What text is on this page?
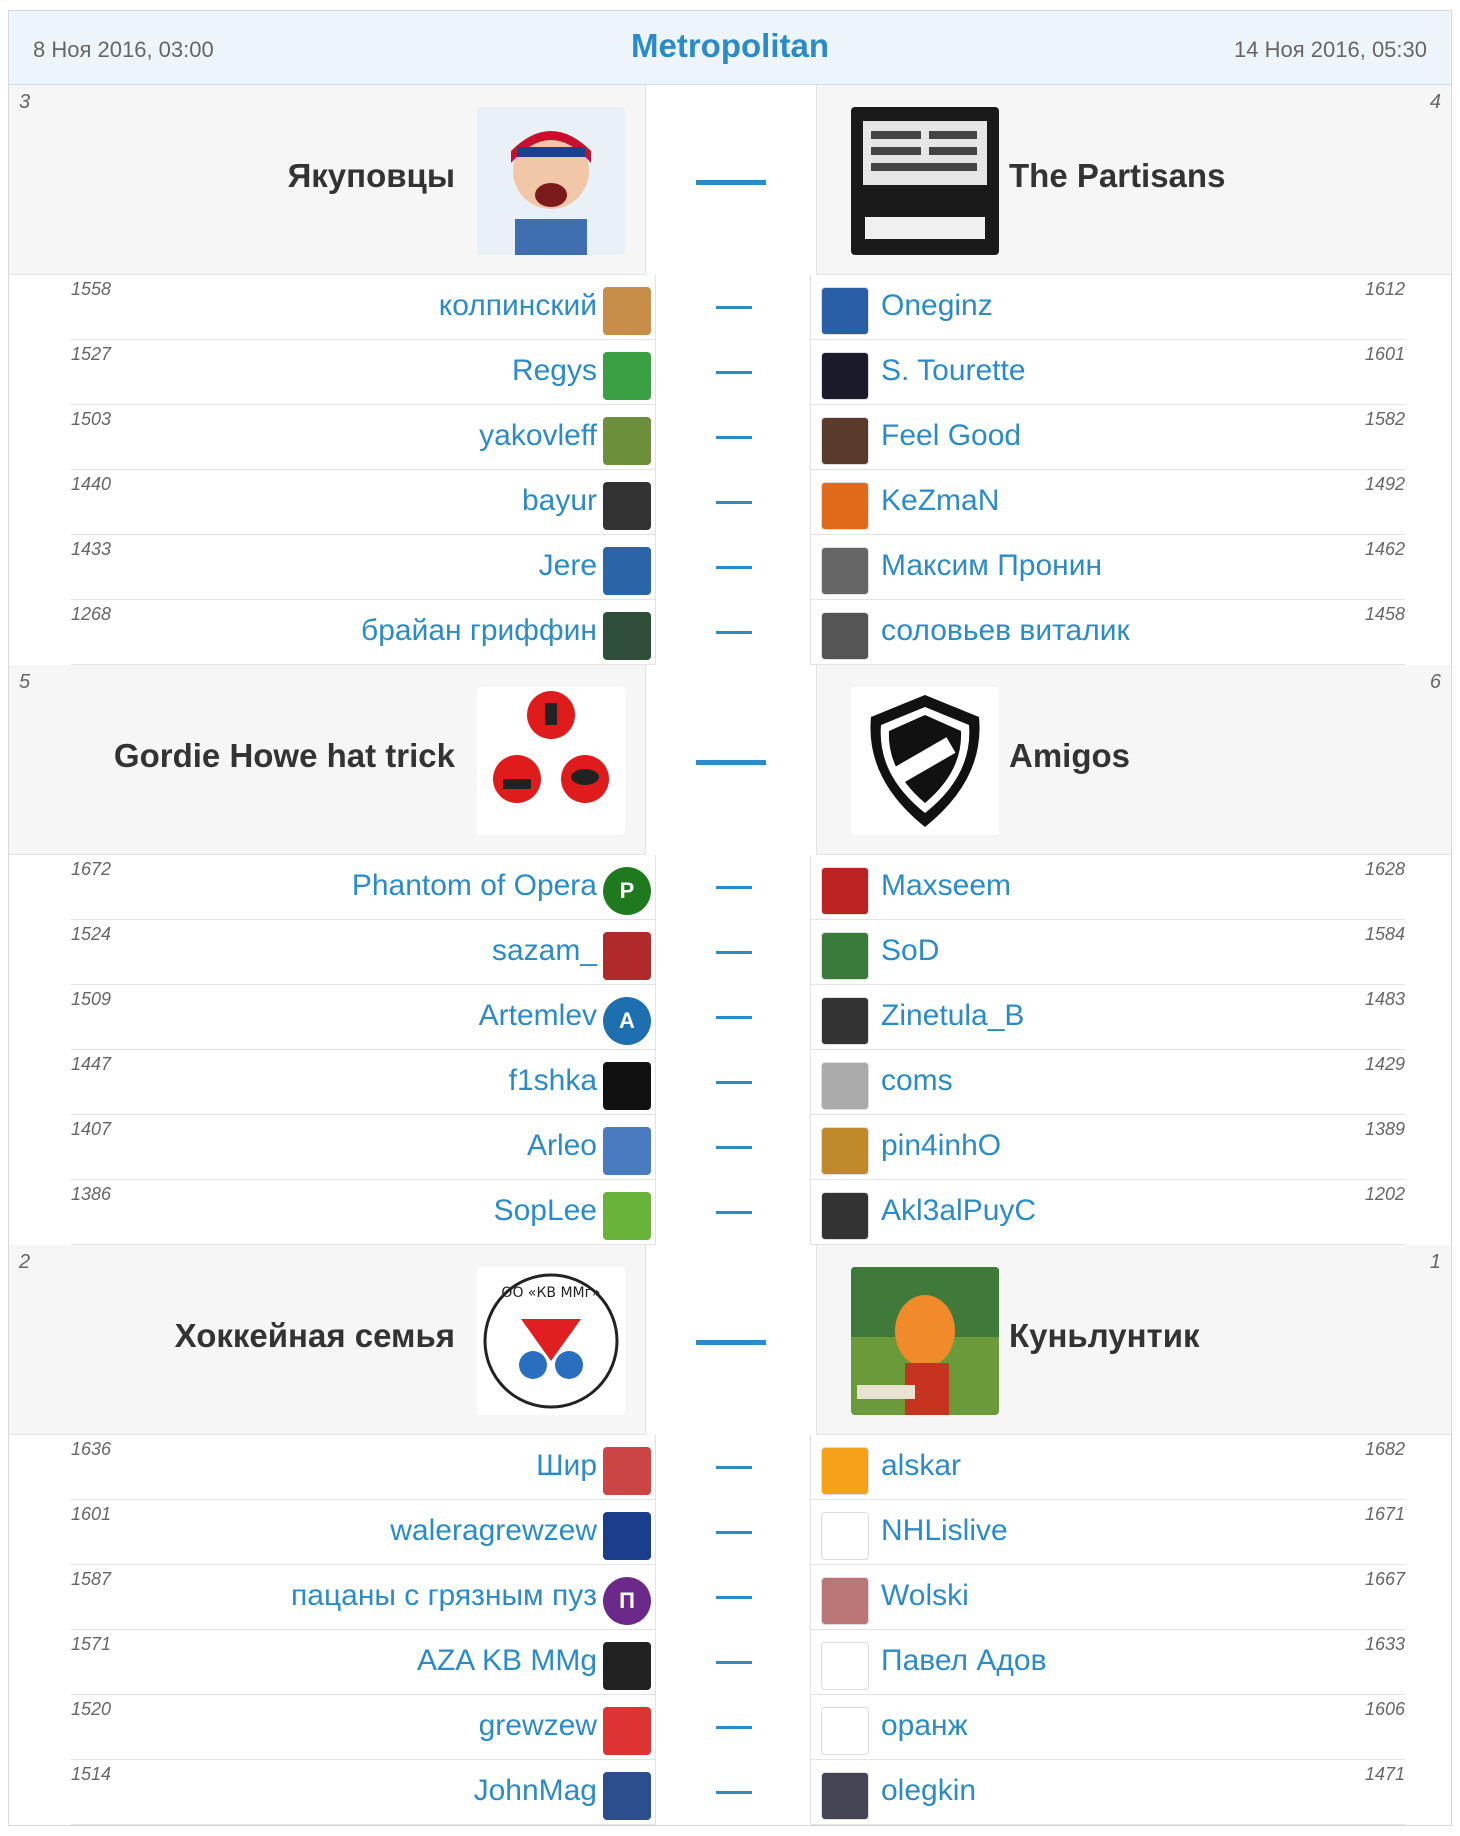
8 Ноя 2016, 03:00	Metropolitan	14 Ноя 2016, 05:30
3	4
Якуповцы	The Partisans
1558	колпинский	Oneginz	1612
1527	Regys	S. Tourette	1601
1503	yakovleff	Feel Good	1582
1440	bayur	KeZmaN	1492
1433	Jere	Максим Пронин	1462
1268	брайан гриффин	соловьев виталик	1458
5	6
Gordie Howe hat trick	Amigos
1672	Phantom of Opera P	Maxseem	1628
1524	sazam_	SoD	1584
1509	Artemlev A	Zinetula_B	1483
1447	f1shka	coms	1429
1407	Arleo	pin4inhO	1389
1386	SopLee	Akl3alPuyC	1202
2	1
Хоккейная семья
ОО «КВ ММг»
Куньлунтик
1636	Шир	alskar	1682
1601	waleragrewzew	NHLislive	1671
1587	пацаны с грязным пуз П	Wolski	1667
1571	AZA KB MMg	Павел Адов	1633
1520	grewzew	оранж	1606
1514	JohnMag	olegkin	1471
